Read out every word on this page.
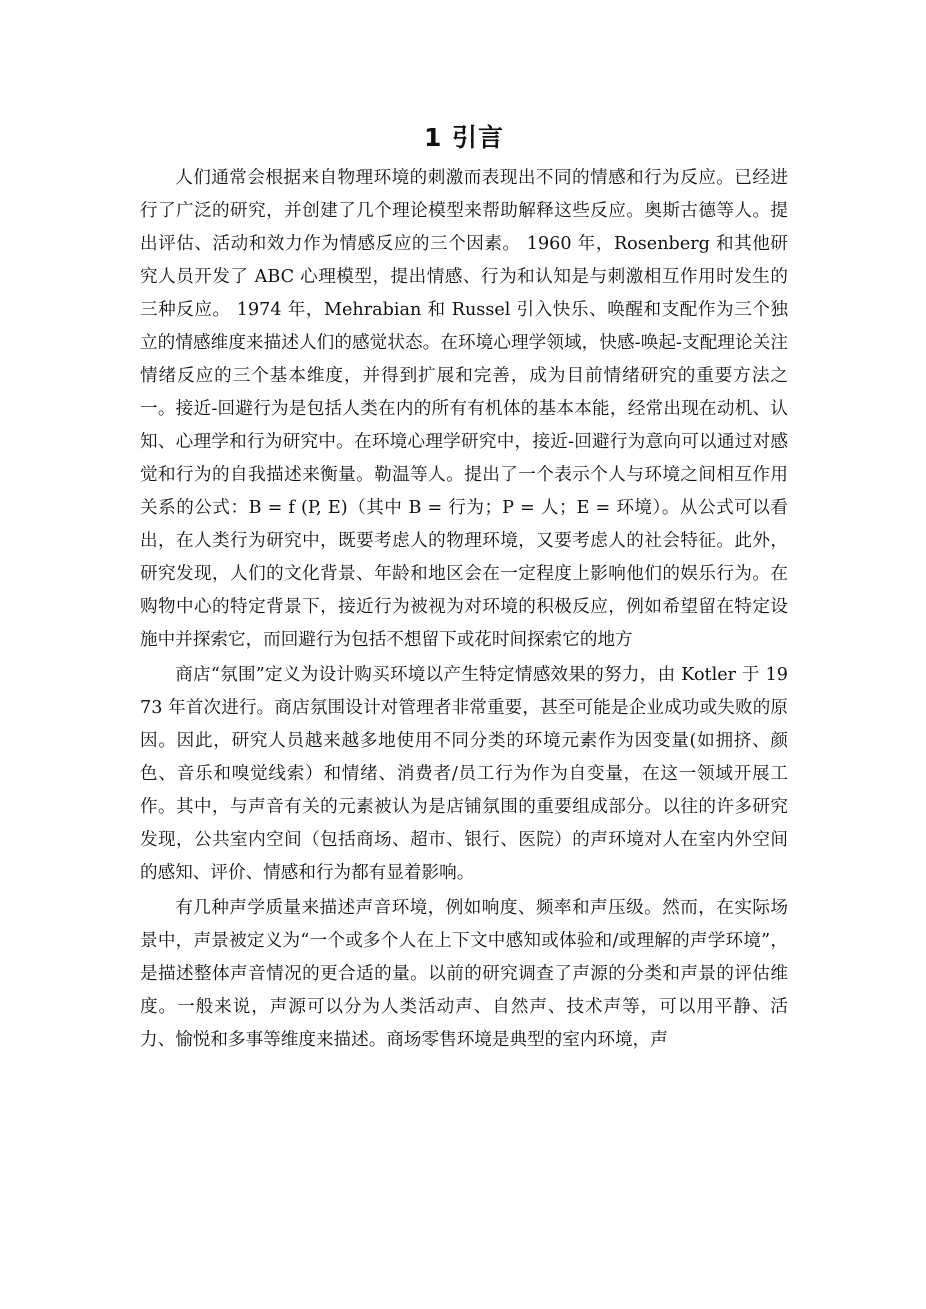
1 引言

人们通常会根据来自物理环境的刺激而表现出不同的情感和行为反应。已经进行了广泛的研究，并创建了几个理论模型来帮助解释这些反应。奥斯古德等人。提出评估、活动和效力作为情感反应的三个因素。 1960 年，Rosenberg 和其他研究人员开发了 ABC 心理模型，提出情感、行为和认知是与刺激相互作用时发生的三种反应。 1974 年，Mehrabian 和 Russel 引入快乐、唤醒和支配作为三个独立的情感维度来描述人们的感觉状态。在环境心理学领域，快感-唤起-支配理论关注情绪反应的三个基本维度，并得到扩展和完善，成为目前情绪研究的重要方法之一。接近-回避行为是包括人类在内的所有有机体的基本本能，经常出现在动机、认知、心理学和行为研究中。在环境心理学研究中，接近-回避行为意向可以通过对感觉和行为的自我描述来衡量。勒温等人。提出了一个表示个人与环境之间相互作用关系的公式：B = f (P, E)（其中 B = 行为；P = 人；E = 环境）。从公式可以看出，在人类行为研究中，既要考虑人的物理环境，又要考虑人的社会特征。此外，研究发现，人们的文化背景、年龄和地区会在一定程度上影响他们的娱乐行为。在购物中心的特定背景下，接近行为被视为对环境的积极反应，例如希望留在特定设施中并探索它，而回避行为包括不想留下或花时间探索它的地方

商店“氛围”定义为设计购买环境以产生特定情感效果的努力，由 Kotler 于 1973 年首次进行。商店氛围设计对管理者非常重要，甚至可能是企业成功或失败的原因。因此，研究人员越来越多地使用不同分类的环境元素作为因变量(如拥挤、颜色、音乐和嗅觉线索）和情绪、消费者/员工行为作为自变量，在这一领域开展工作。其中，与声音有关的元素被认为是店铺氛围的重要组成部分。以往的许多研究发现，公共室内空间（包括商场、超市、银行、医院）的声环境对人在室内外空间的感知、评价、情感和行为都有显着影响。

有几种声学质量来描述声音环境，例如响度、频率和声压级。然而，在实际场景中，声景被定义为“一个或多个人在上下文中感知或体验和/或理解的声学环境”，是描述整体声音情况的更合适的量。以前的研究调查了声源的分类和声景的评估维度。一般来说，声源可以分为人类活动声、自然声、技术声等，可以用平静、活力、愉悦和多事等维度来描述。商场零售环境是典型的室内环境，声
